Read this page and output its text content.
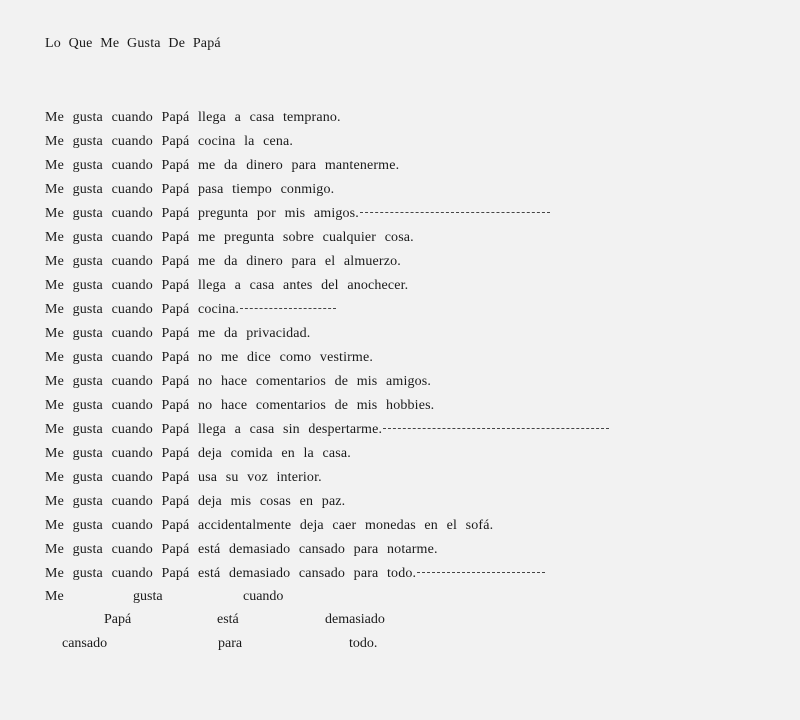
Lo Que Me Gusta De Papá
Me gusta cuando Papá llega a casa temprano.
Me gusta cuando Papá cocina la cena.
Me gusta cuando Papá me da dinero para mantenerme.
Me gusta cuando Papá pasa tiempo conmigo.
Me gusta cuando Papá pregunta por mis amigos.
Me gusta cuando Papá me pregunta sobre cualquier cosa.
Me gusta cuando Papá me da dinero para el almuerzo.
Me gusta cuando Papá llega a casa antes del anochecer.
Me gusta cuando Papá cocina.
Me gusta cuando Papá me da privacidad.
Me gusta cuando Papá no me dice como vestirme.
Me gusta cuando Papá no hace comentarios de mis amigos.
Me gusta cuando Papá no hace comentarios de mis hobbies.
Me gusta cuando Papá llega a casa sin despertarme.
Me gusta cuando Papá deja comida en la casa.
Me gusta cuando Papá usa su voz interior.
Me gusta cuando Papá deja mis cosas en paz.
Me gusta cuando Papá accidentalmente deja caer monedas en el sofá.
Me gusta cuando Papá está demasiado cansado para notarme.
Me gusta cuando Papá está demasiado cansado para todo.
Me	gusta	cuando
Papá	está	demasiado
cansado	para	todo.
